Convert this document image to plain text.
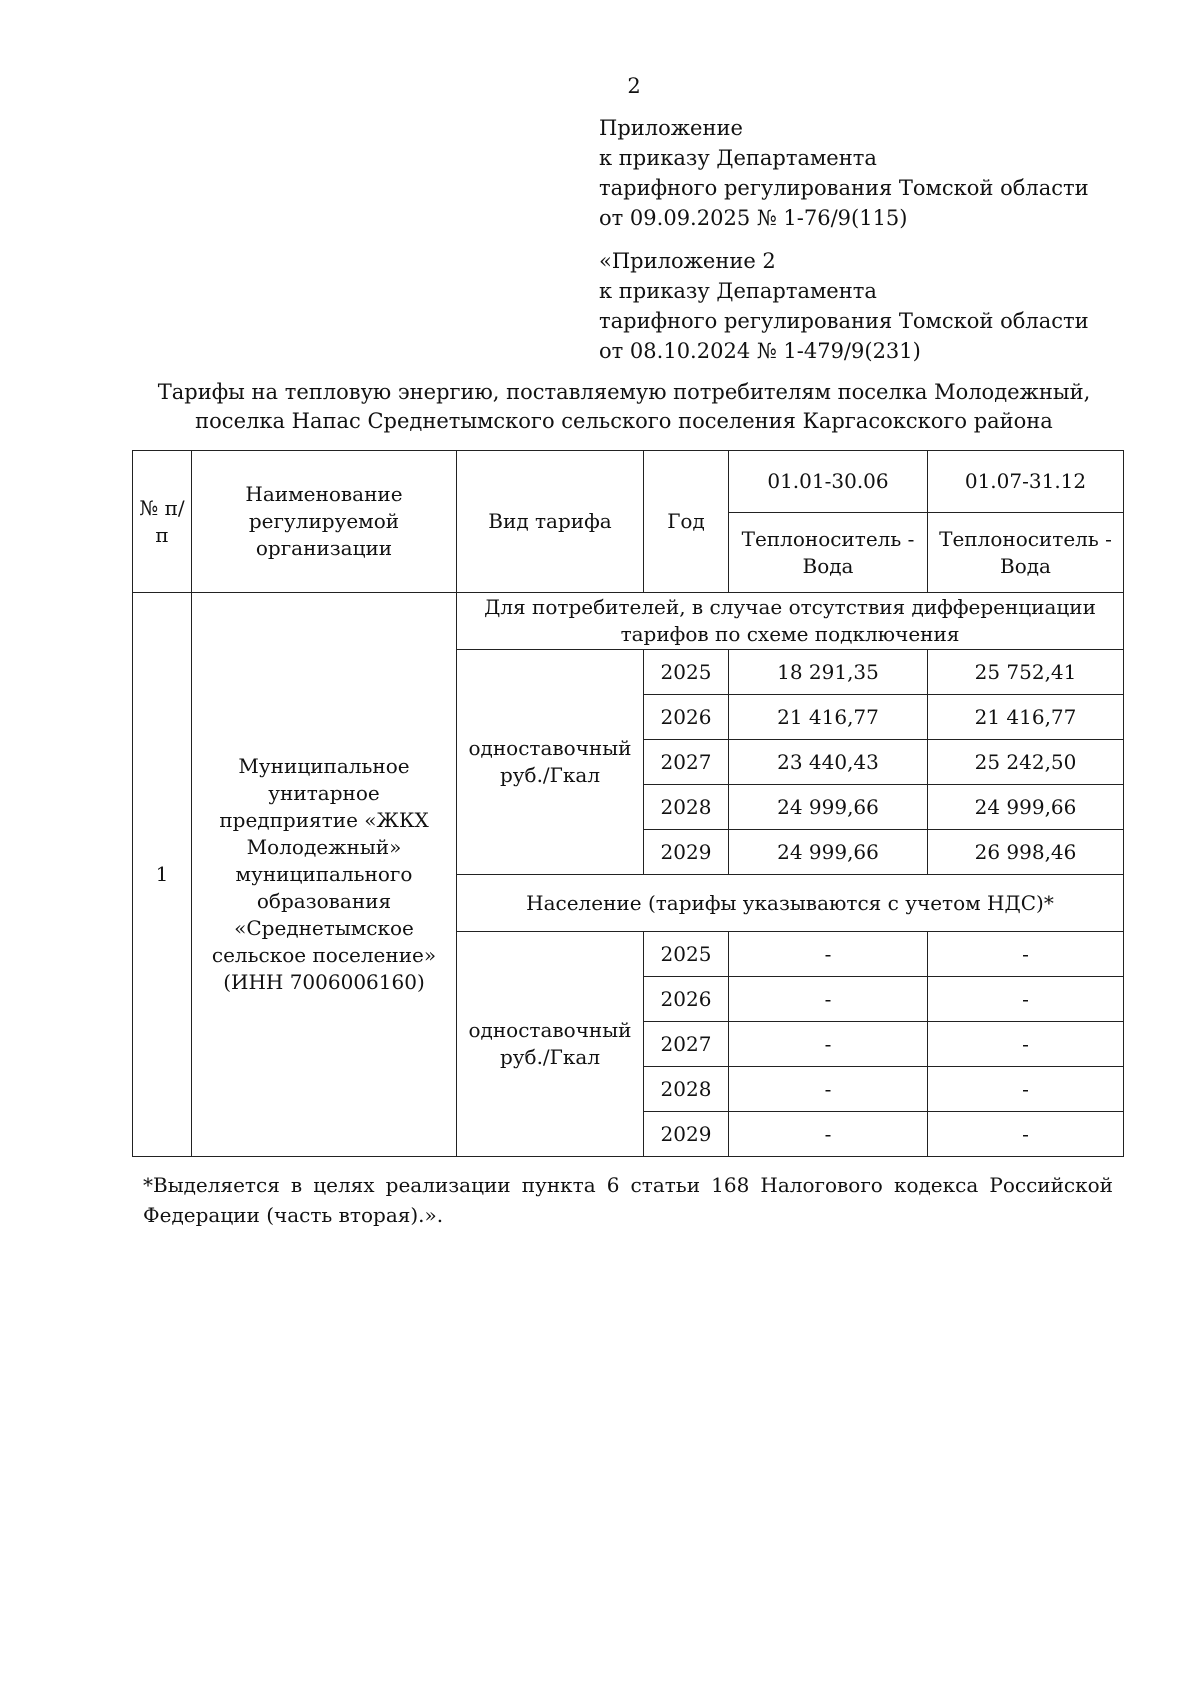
2
Приложение
к приказу Департамента
тарифного регулирования Томской области
от 09.09.2025 № 1-76/9(115)
«Приложение 2
к приказу Департамента
тарифного регулирования Томской области
от 08.10.2024 № 1-479/9(231)
Тарифы на тепловую энергию, поставляемую потребителям поселка Молодежный,
поселка Напас Среднетымского сельского поселения Каргасокского района
№ п/п	Наименование регулируемой организации	Вид тарифа	Год	01.01-30.06	01.07-31.12
				Теплоноситель - Вода	Теплоноситель - Вода
1	Муниципальное унитарное предприятие «ЖКХ Молодежный» муниципального образования «Среднетымское сельское поселение» (ИНН 7006006160)	Для потребителей, в случае отсутствия дифференциации тарифов по схеме подключения			
		одноставочный руб./Гкал	2025	18 291,35	25 752,41
			2026	21 416,77	21 416,77
			2027	23 440,43	25 242,50
			2028	24 999,66	24 999,66
			2029	24 999,66	26 998,46
		Население (тарифы указываются с учетом НДС)*			
		одноставочный руб./Гкал	2025	-	-
			2026	-	-
			2027	-	-
			2028	-	-
			2029	-	-
*Выделяется в целях реализации пункта 6 статьи 168 Налогового кодекса Российской Федерации (часть вторая).».
